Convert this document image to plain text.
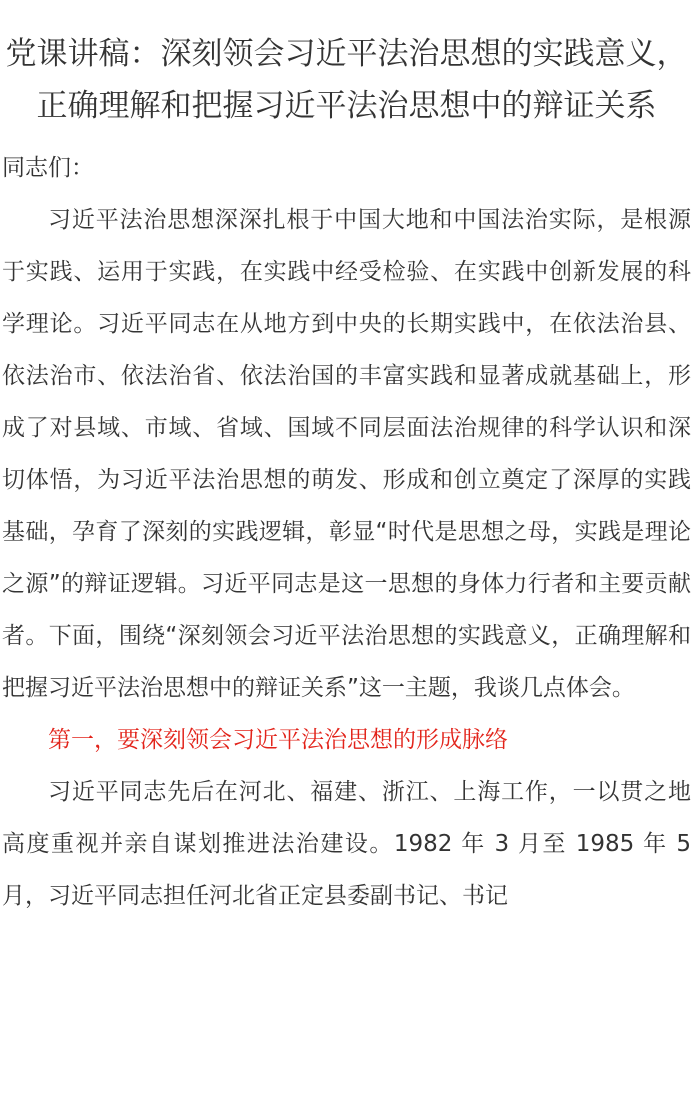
党课讲稿：深刻领会习近平法治思想的实践意义，正确理解和把握习近平法治思想中的辩证关系

同志们：

习近平法治思想深深扎根于中国大地和中国法治实际，是根源于实践、运用于实践，在实践中经受检验、在实践中创新发展的科学理论。习近平同志在从地方到中央的长期实践中，在依法治县、依法治市、依法治省、依法治国的丰富实践和显著成就基础上，形成了对县域、市域、省域、国域不同层面法治规律的科学认识和深切体悟，为习近平法治思想的萌发、形成和创立奠定了深厚的实践基础，孕育了深刻的实践逻辑，彰显“时代是思想之母，实践是理论之源”的辩证逻辑。习近平同志是这一思想的身体力行者和主要贡献者。下面，围绕“深刻领会习近平法治思想的实践意义，正确理解和把握习近平法治思想中的辩证关系”这一主题，我谈几点体会。

第一，要深刻领会习近平法治思想的形成脉络

习近平同志先后在河北、福建、浙江、上海工作，一以贯之地高度重视并亲自谋划推进法治建设。1982 年 3 月至 1985 年 5 月，习近平同志担任河北省正定县委副书记、书记
